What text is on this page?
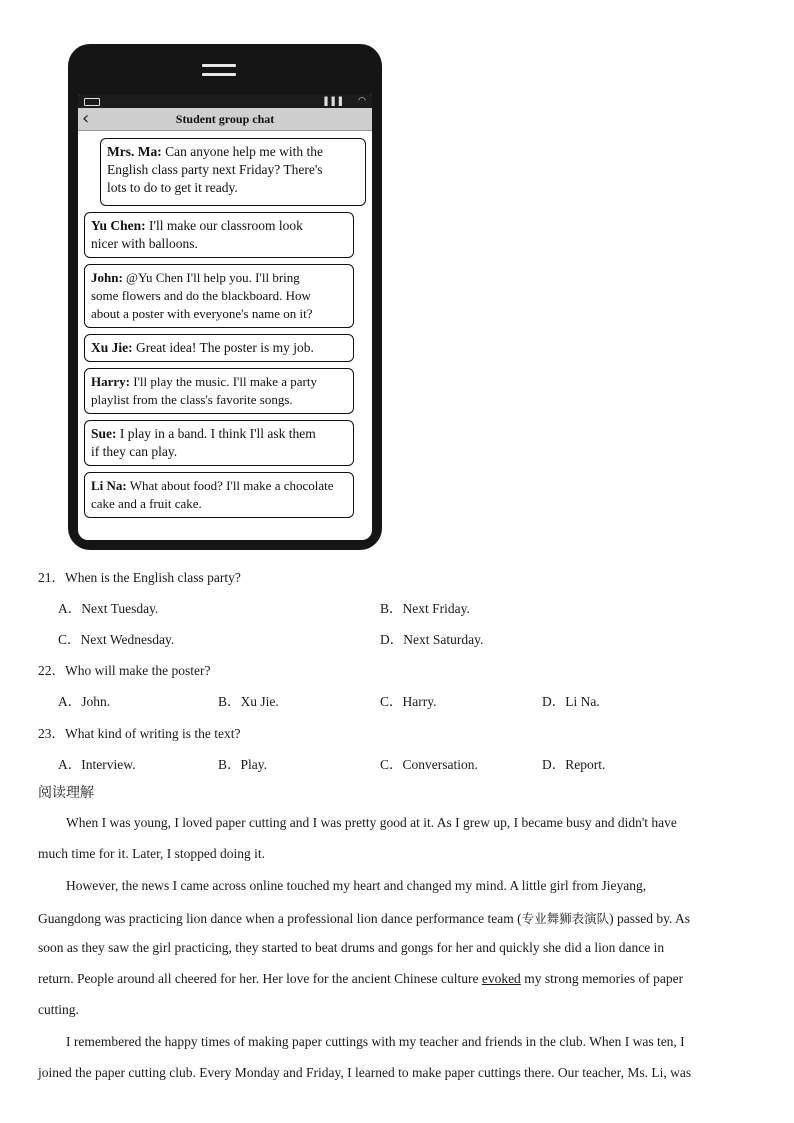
▌▌▌ ◠
‹	Student group chat
Mrs. Ma: Can anyone help me with the
English class party next Friday? There's
lots to do to get it ready.
Yu Chen: I'll make our classroom look
nicer with balloons.
John: @Yu Chen I'll help you. I'll bring
some flowers and do the blackboard. How
about a poster with everyone's name on it?
Xu Jie: Great idea! The poster is my job.
Harry: I'll play the music. I'll make a party
playlist from the class's favorite songs.
Sue: I play in a band. I think I'll ask them
if they can play.
Li Na: What about food? I'll make a chocolate
cake and a fruit cake.
21．When is the English class party?
A．Next Tuesday.	B．Next Friday.
C．Next Wednesday.	D．Next Saturday.
22．Who will make the poster?
A．John.	B．Xu Jie.	C．Harry.	D．Li Na.
23．What kind of writing is the text?
A．Interview.	B．Play.	C．Conversation.	D．Report.
阅读理解
When I was young, I loved paper cutting and I was pretty good at it. As I grew up, I became busy and didn't have
much time for it. Later, I stopped doing it.
However, the news I came across online touched my heart and changed my mind. A little girl from Jieyang,
Guangdong was practicing lion dance when a professional lion dance performance team (专业舞狮表演队) passed by. As
soon as they saw the girl practicing, they started to beat drums and gongs for her and quickly she did a lion dance in
return. People around all cheered for her. Her love for the ancient Chinese culture evoked my strong memories of paper
cutting.
I remembered the happy times of making paper cuttings with my teacher and friends in the club. When I was ten, I
joined the paper cutting club. Every Monday and Friday, I learned to make paper cuttings there. Our teacher, Ms. Li, was
